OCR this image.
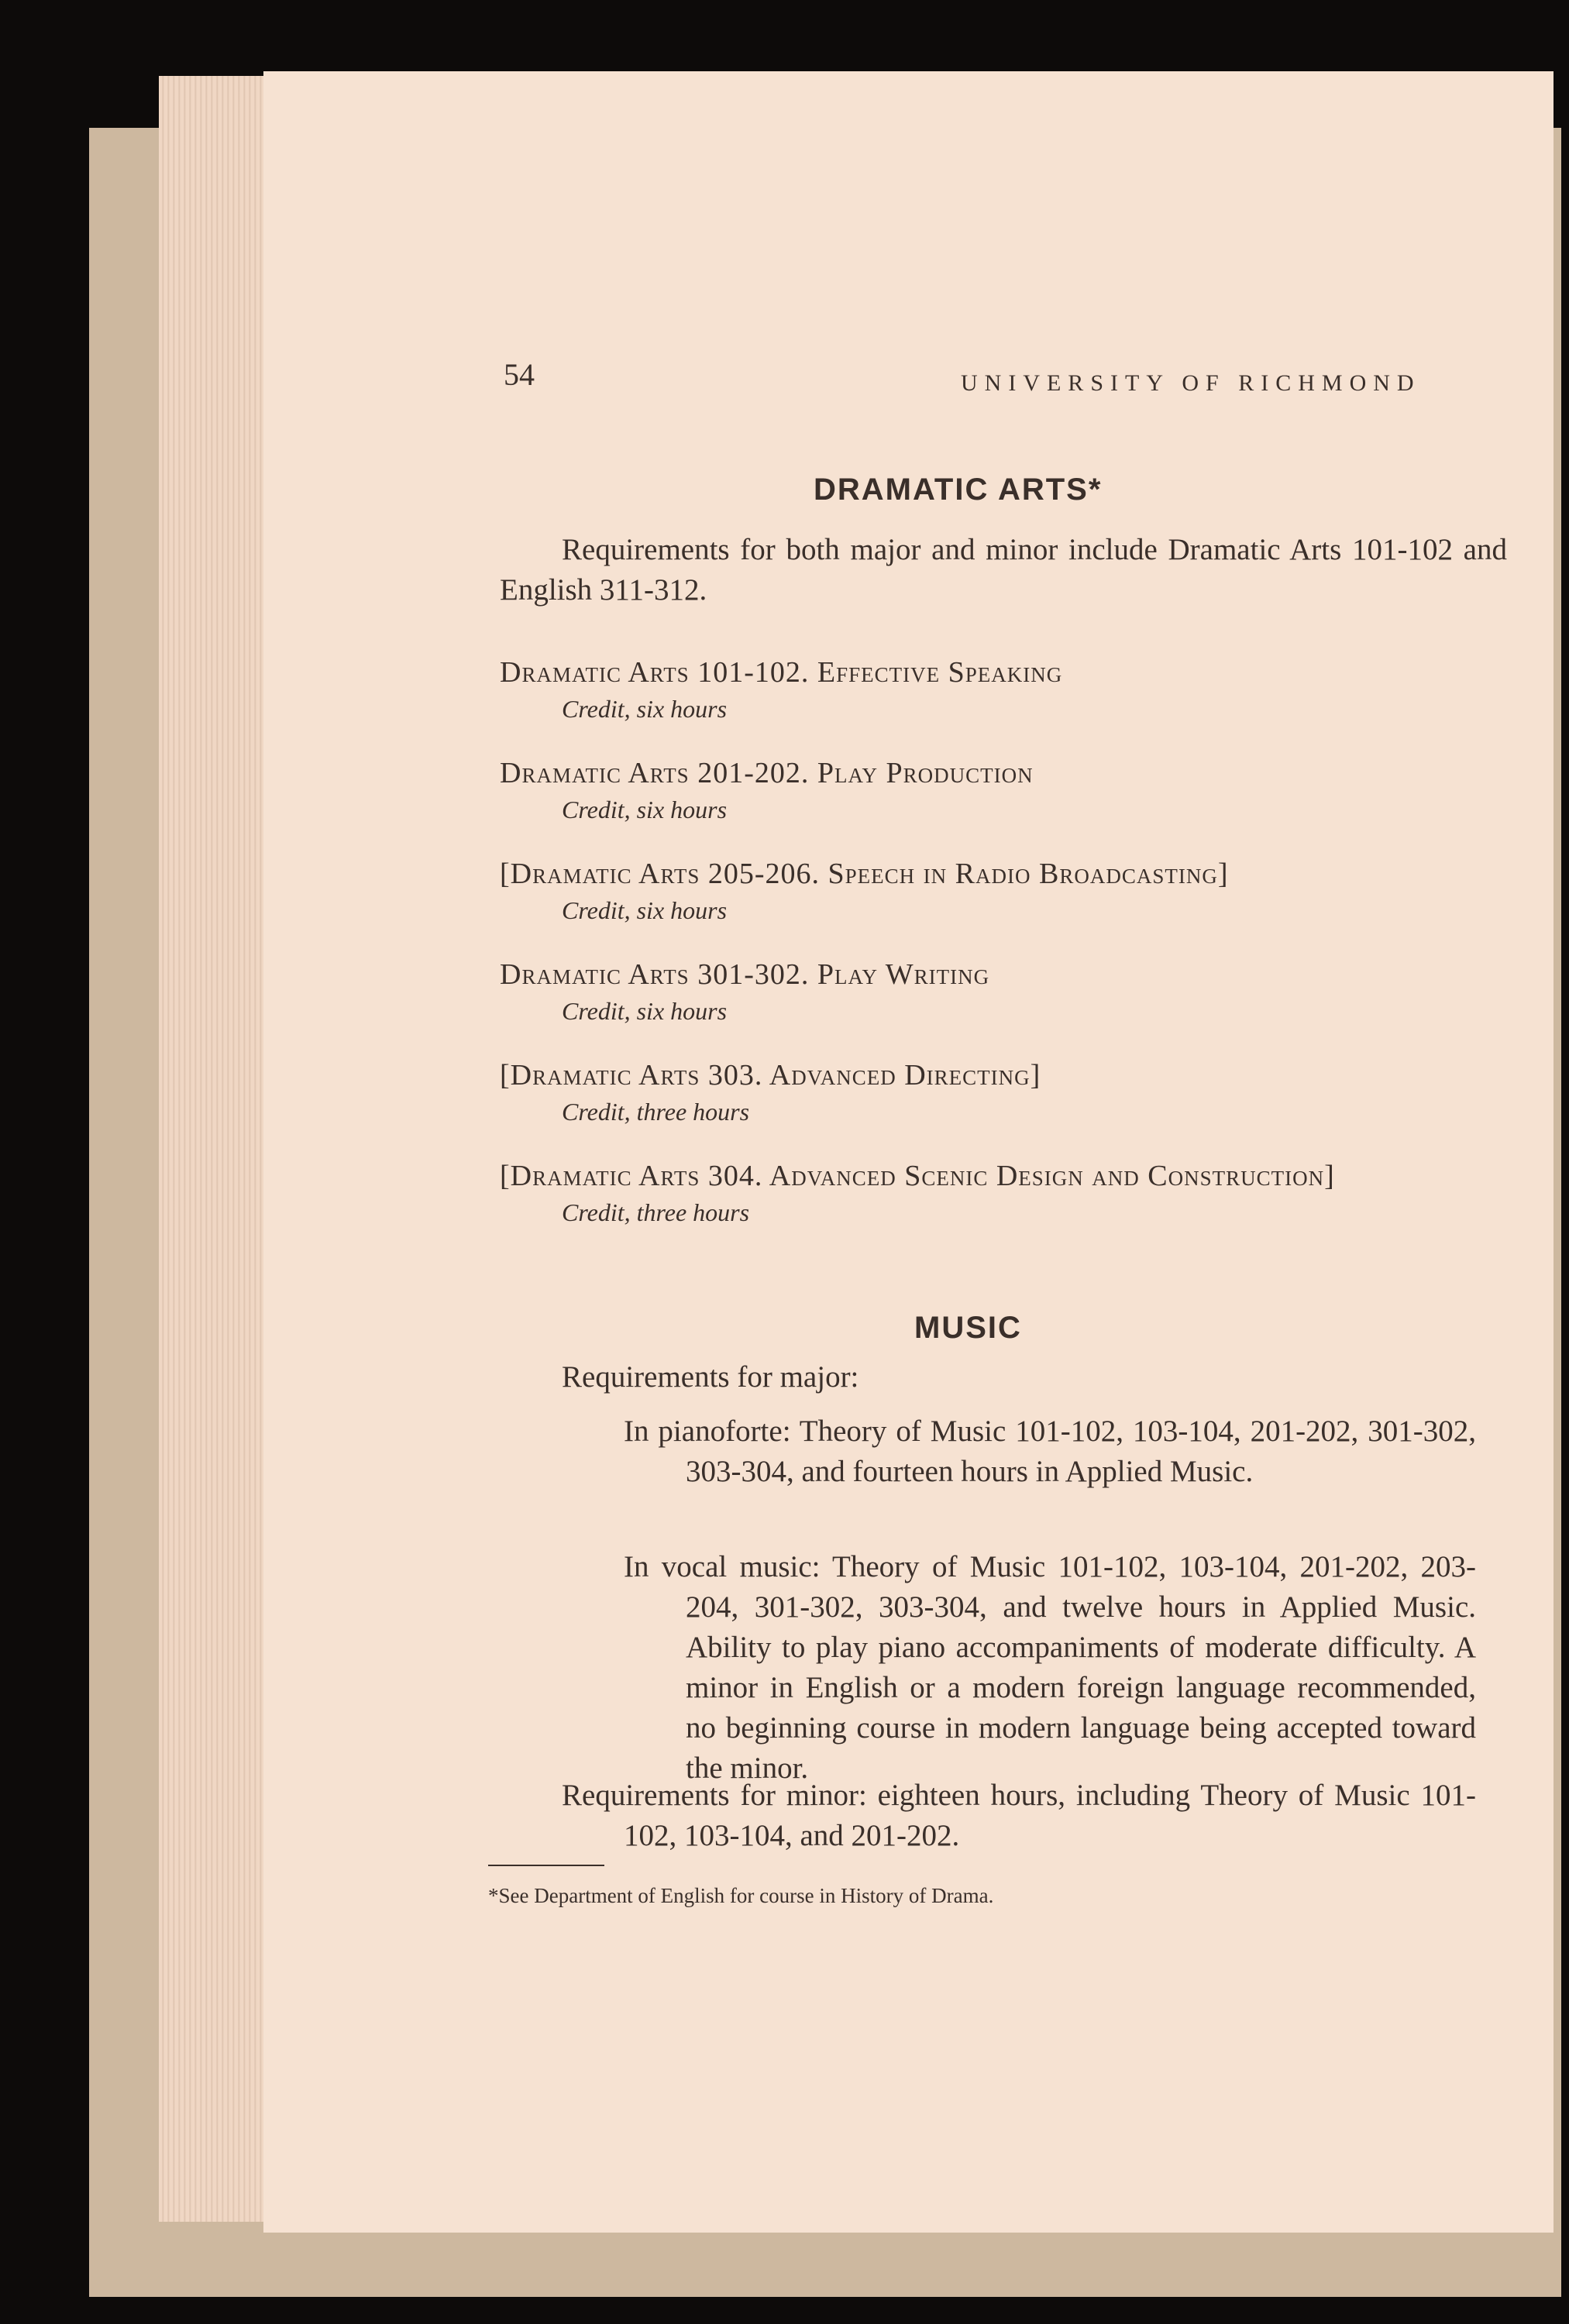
54	UNIVERSITY OF RICHMOND
DRAMATIC ARTS*
Requirements for both major and minor include Dramatic Arts 101-102 and English 311-312.
Dramatic Arts 101-102. Effective Speaking
Credit, six hours
Dramatic Arts 201-202. Play Production
Credit, six hours
[Dramatic Arts 205-206. Speech in Radio Broadcasting]
Credit, six hours
Dramatic Arts 301-302. Play Writing
Credit, six hours
[Dramatic Arts 303. Advanced Directing]
Credit, three hours
[Dramatic Arts 304. Advanced Scenic Design and Construction]
Credit, three hours
MUSIC
Requirements for major:
In pianoforte: Theory of Music 101-102, 103-104, 201-202, 301-302, 303-304, and fourteen hours in Applied Music.
In vocal music: Theory of Music 101-102, 103-104, 201-202, 203-204, 301-302, 303-304, and twelve hours in Applied Music. Ability to play piano accompaniments of moderate difficulty. A minor in English or a modern foreign language recommended, no beginning course in modern language being accepted toward the minor.
Requirements for minor: eighteen hours, including Theory of Music 101-102, 103-104, and 201-202.
*See Department of English for course in History of Drama.
